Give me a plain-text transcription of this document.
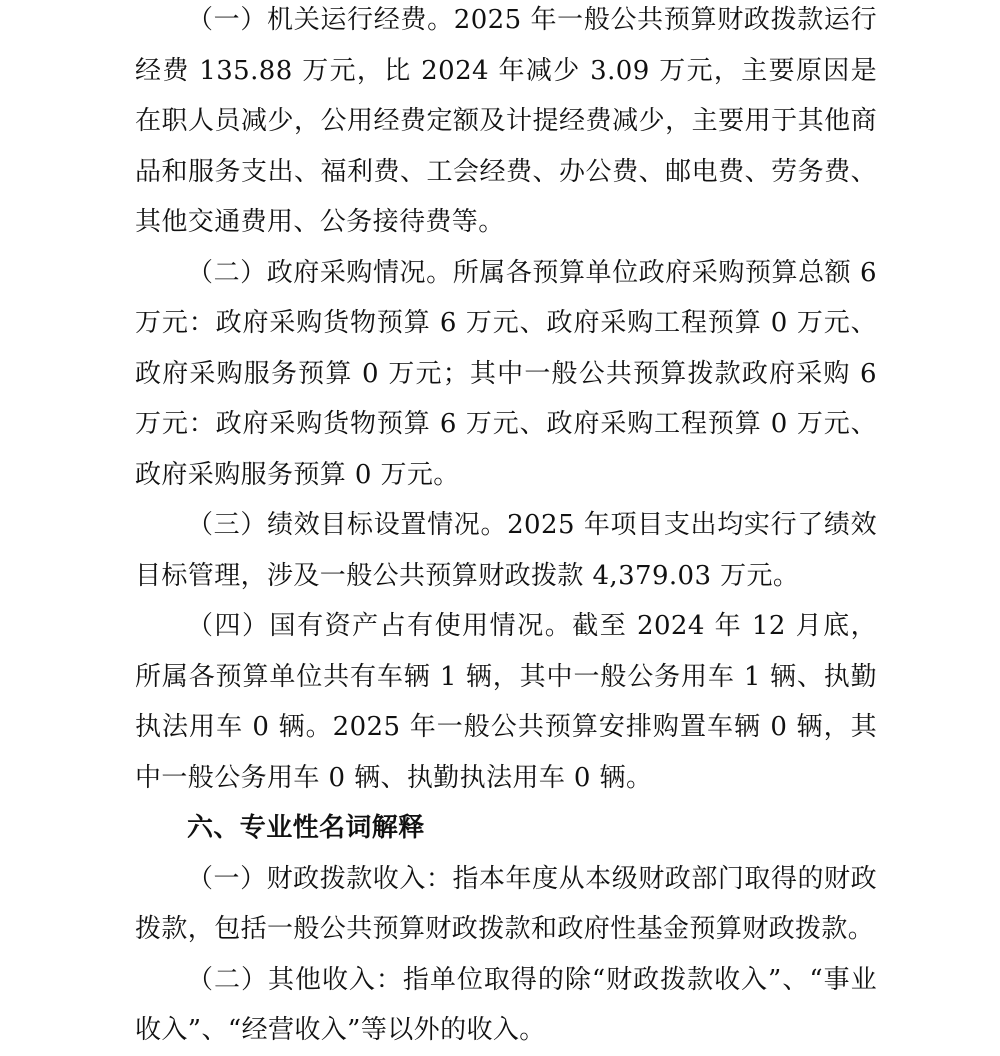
（一）机关运行经费。2025 年一般公共预算财政拨款运行经费 135.88 万元，比 2024 年减少 3.09 万元，主要原因是在职人员减少，公用经费定额及计提经费减少，主要用于其他商品和服务支出、福利费、工会经费、办公费、邮电费、劳务费、其他交通费用、公务接待费等。

（二）政府采购情况。所属各预算单位政府采购预算总额 6 万元：政府采购货物预算 6 万元、政府采购工程预算 0 万元、政府采购服务预算 0 万元；其中一般公共预算拨款政府采购 6 万元：政府采购货物预算 6 万元、政府采购工程预算 0 万元、政府采购服务预算 0 万元。

（三）绩效目标设置情况。2025 年项目支出均实行了绩效目标管理，涉及一般公共预算财政拨款 4,379.03 万元。

（四）国有资产占有使用情况。截至 2024 年 12 月底，所属各预算单位共有车辆 1 辆，其中一般公务用车 1 辆、执勤执法用车 0 辆。2025 年一般公共预算安排购置车辆 0 辆，其中一般公务用车 0 辆、执勤执法用车 0 辆。

六、专业性名词解释

（一）财政拨款收入：指本年度从本级财政部门取得的财政拨款，包括一般公共预算财政拨款和政府性基金预算财政拨款。

（二）其他收入：指单位取得的除“财政拨款收入”、“事业收入”、“经营收入”等以外的收入。
